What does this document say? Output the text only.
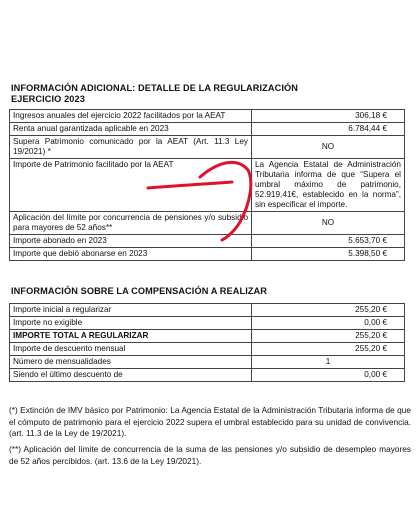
INFORMACIÓN ADICIONAL: DETALLE DE LA REGULARIZACIÓN
EJERCICIO 2023
Ingresos anuales del ejercicio 2022 facilitados por la AEAT	306,18 €
Renta anual garantizada aplicable en 2023	6.784,44 €
Supera Patrimonio comunicado por la AEAT (Art. 11.3 Ley 19/2021) *	NO
Importe de Patrimonio facilitado por la AEAT	La Agencia Estatal de Administración Tributaria informa de que “Supera el umbral máximo de patrimonio, 52.919,41€, establecido en la norma”, sin especificar el importe.
Aplicación del límite por concurrencia de pensiones y/o subsidio para mayores de 52 años**	NO
Importe abonado en 2023	5.653,70 €
Importe que debió abonarse en 2023	5.398,50 €
INFORMACIÓN SOBRE LA COMPENSACIÓN A REALIZAR
Importe inicial a regularizar	255,20 €
Importe no exigible	0,00 €
IMPORTE TOTAL A REGULARIZAR	255,20 €
Importe de descuento mensual	255,20 €
Número de mensualidades	1
Siendo el último descuento de	0,00 €
(*) Extinción de IMV básico por Patrimonio: La Agencia Estatal de la Administración Tributaria informa de que el cómputo de patrimonio para el ejercicio 2022 supera el umbral establecido para su unidad de convivencia. (art. 11.3 de la Ley de 19/2021).
(**) Aplicación del límite de concurrencia de la suma de las pensiones y/o subsidio de desempleo mayores de 52 años percibidos. (art. 13.6 de la Ley 19/2021).
